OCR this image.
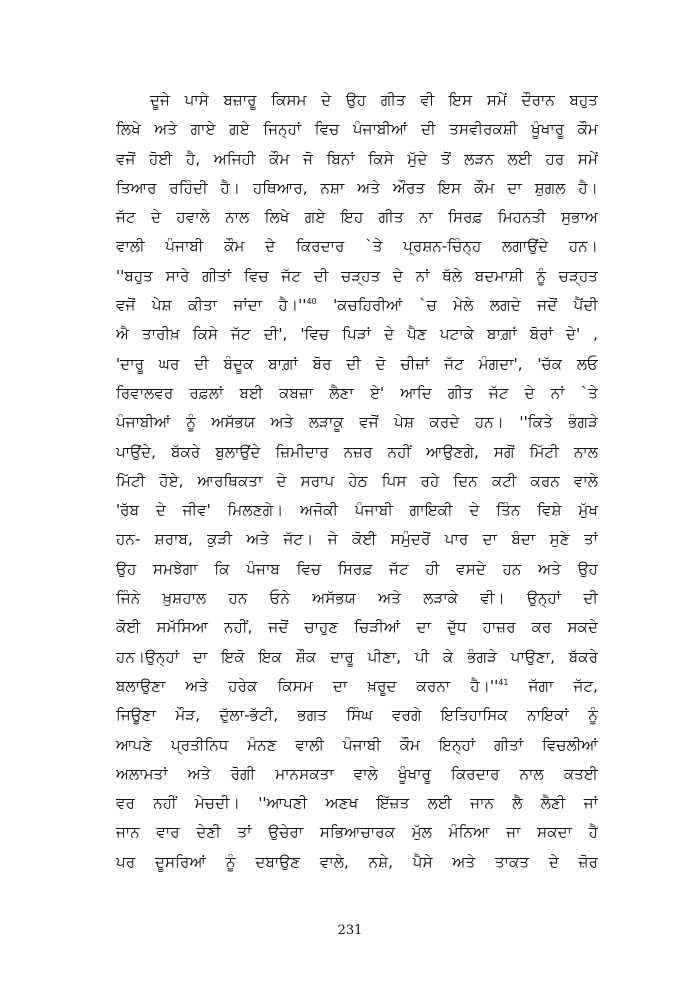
ਦੂਜੇ ਪਾਸੇ ਬਜ਼ਾਰੂ ਕਿਸਮ ਦੇ ਉਹ ਗੀਤ ਵੀ ਇਸ ਸਮੇਂ ਦੌਰਾਨ ਬਹੁਤ
ਲਿਖੇ ਅਤੇ ਗਾਏ ਗਏ ਜਿਨ੍ਹਾਂ ਵਿਚ ਪੰਜਾਬੀਆਂ ਦੀ ਤਸਵੀਰਕਸ਼ੀ ਖੂੰਖਾਰੂ ਕੌਮ
ਵਜੋਂ ਹੋਈ ਹੈ, ਅਜਿਹੀ ਕੌਮ ਜੋ ਬਿਨਾਂ ਕਿਸੇ ਮੁੱਦੇ ਤੋਂ ਲੜਨ ਲਈ ਹਰ ਸਮੇਂ
ਤਿਆਰ ਰਹਿੰਦੀ ਹੈ। ਹਥਿਆਰ, ਨਸ਼ਾ ਅਤੇ ਔਰਤ ਇਸ ਕੌਮ ਦਾ ਸ਼ੁਗਲ ਹੈ।
ਜੱਟ ਦੇ ਹਵਾਲੇ ਨਾਲ ਲਿਖੇ ਗਏ ਇਹ ਗੀਤ ਨਾ ਸਿਰਫ਼ ਮਿਹਨਤੀ ਸੁਭਾਅ
ਵਾਲੀ ਪੰਜਾਬੀ ਕੌਮ ਦੇ ਕਿਰਦਾਰ `ਤੇ ਪ੍ਰਸ਼ਨ-ਚਿੰਨ੍ਹ ਲਗਾਉਂਦੇ ਹਨ।
''ਬਹੁਤ ਸਾਰੇ ਗੀਤਾਂ ਵਿਚ ਜੱਟ ਦੀ ਚੜ੍ਹਤ ਦੇ ਨਾਂ ਥੱਲੇ ਬਦਮਾਸ਼ੀ ਨੂੰ ਚੜ੍ਹਤ
ਵਜੋਂ ਪੇਸ਼ ਕੀਤਾ ਜਾਂਦਾ $ਹੈ।''^{40}$ 'ਕਚਹਿਰੀਆਂ `ਚ ਮੇਲੇ ਲਗਦੇ ਜਦੋਂ ਪੈਂਦੀ
ਐ ਤਾਰੀਖ਼ ਕਿਸੇ ਜੱਟ ਦੀ', 'ਵਿਚ ਪਿੜਾਂ ਦੇ ਪੈਣ ਪਟਾਕੇ ਬਾਗ਼ਾਂ ਬੋਰਾਂ ਦੇ' ,
'ਦਾਰੂ ਘਰ ਦੀ ਬੰਦੂਕ ਬਾਗ਼ਾਂ ਬੋਰ ਦੀ ਦੋ ਚੀਜ਼ਾਂ ਜੱਟ ਮੰਗਦਾ', 'ਚੱਕ ਲਓ
ਰਿਵਾਲਵਰ ਰਫ਼ਲਾਂ ਬਈ ਕਬਜ਼ਾ ਲੈਣਾ ਏ' ਆਦਿ ਗੀਤ ਜੱਟ ਦੇ ਨਾਂ `ਤੇ
ਪੰਜਾਬੀਆਂ ਨੂੰ ਅਸੱਭਯ ਅਤੇ ਲੜਾਕੂ ਵਜੋਂ ਪੇਸ਼ ਕਰਦੇ ਹਨ। ''ਕਿਤੇ ਭੰਗੜੇ
ਪਾਉਂਦੇ, ਬੱਕਰੇ ਬੁਲਾਉਂਦੇ ਜ਼ਿਮੀਦਾਰ ਨਜ਼ਰ ਨਹੀਂ ਆਉਣਗੇ, ਸਗੋਂ ਮਿੱਟੀ ਨਾਲ
ਮਿੱਟੀ ਹੋਏ, ਆਰਥਿਕਤਾ ਦੇ ਸਰਾਪ ਹੇਠ ਪਿਸ ਰਹੇ ਦਿਨ ਕਟੀ ਕਰਨ ਵਾਲੇ
'ਰੱਬ ਦੇ ਜੀਵ' ਮਿਲਣਗੇ। ਅਜੋਕੀ ਪੰਜਾਬੀ ਗਾਇਕੀ ਦੇ ਤਿੰਨ ਵਿਸ਼ੇ ਮੁੱਖ
ਹਨ- ਸ਼ਰਾਬ, ਕੁੜੀ ਅਤੇ ਜੱਟ। ਜੇ ਕੋਈ ਸਮੁੰਦਰੋਂ ਪਾਰ ਦਾ ਬੰਦਾ ਸੁਣੇ ਤਾਂ
ਉਹ ਸਮਝੇਗਾ ਕਿ ਪੰਜਾਬ ਵਿਚ ਸਿਰਫ਼ ਜੱਟ ਹੀ ਵਸਦੇ ਹਨ ਅਤੇ ਉਹ
ਜਿੰਨੇ ਖ਼ੁਸ਼ਹਾਲ ਹਨ ਓਨੇ ਅਸੱਭਯ ਅਤੇ ਲੜਾਕੇ ਵੀ। ਉਨ੍ਹਾਂ ਦੀ
ਕੋਈ ਸਮੱਸਿਆ ਨਹੀਂ, ਜਦੋਂ ਚਾਹੁਣ ਚਿੜੀਆਂ ਦਾ ਦੁੱਧ ਹਾਜ਼ਰ ਕਰ ਸਕਦੇ
ਹਨ।ਉਨ੍ਹਾਂ ਦਾ ਇਕੋ ਇਕ ਸ਼ੌਕ ਦਾਰੂ ਪੀਣਾ, ਪੀ ਕੇ ਭੰਗੜੇ ਪਾਉਣਾ, ਬੱਕਰੇ
ਬਲਾਉਣਾ ਅਤੇ ਹਰੇਕ ਕਿਸਮ ਦਾ ਖ਼ਰੂਦ ਕਰਨਾ $ਹੈ।''^{41}$ ਜੱਗਾ ਜੱਟ,
ਜਿਊਣਾ ਮੌੜ, ਦੁੱਲਾ-ਭੱਟੀ, ਭਗਤ ਸਿੰਘ ਵਰਗੇ ਇਤਿਹਾਸਿਕ ਨਾਇਕਾਂ ਨੂੰ
ਆਪਣੇ ਪ੍ਰਤੀਨਿਧ ਮੰਨਣ ਵਾਲੀ ਪੰਜਾਬੀ ਕੌਮ ਇਨ੍ਹਾਂ ਗੀਤਾਂ ਵਿਚਲੀਆਂ
ਅਲਾਮਤਾਂ ਅਤੇ ਰੋਗੀ ਮਾਨਸਕਤਾ ਵਾਲੇ ਖੂੰਖਾਰੂ ਕਿਰਦਾਰ ਨਾਲ ਕਤਈ
ਵਰ ਨਹੀਂ ਮੇਚਦੀ। ''ਆਪਣੀ ਅਣਖ ਇੱਜ਼ਤ ਲਈ ਜਾਨ ਲੈ ਲੈਣੀ ਜਾਂ
ਜਾਨ ਵਾਰ ਦੇਣੀ ਤਾਂ ਉਚੇਰਾ ਸਭਿਆਚਾਰਕ ਮੁੱਲ ਮੰਨਿਆ ਜਾ ਸਕਦਾ ਹੈ
ਪਰ ਦੂਸਰਿਆਂ ਨੂੰ ਦਬਾਉਣ ਵਾਲੇ, ਨਸ਼ੇ, ਪੈਸੇ ਅਤੇ ਤਾਕਤ ਦੇ ਜ਼ੋਰ
231
